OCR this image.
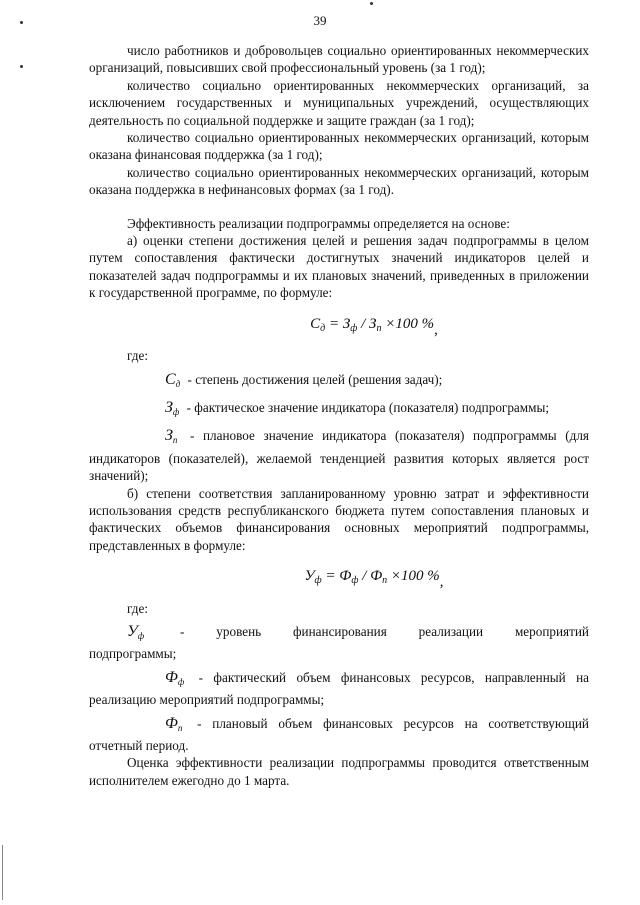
39

число работников и добровольцев социально ориентированных некоммерческих организаций, повысивших свой профессиональный уровень (за 1 год);

количество социально ориентированных некоммерческих организаций, за исключением государственных и муниципальных учреждений, осуществляющих деятельность по социальной поддержке и защите граждан (за 1 год);

количество социально ориентированных некоммерческих организаций, которым оказана финансовая поддержка (за 1 год);

количество социально ориентированных некоммерческих организаций, которым оказана поддержка в нефинансовых формах (за 1 год).

Эффективность реализации подпрограммы определяется на основе:

а) оценки степени достижения целей и решения задач подпрограммы в целом путем сопоставления фактически достигнутых значений индикаторов целей и показателей задач подпрограммы и их плановых значений, приведенных в приложении к государственной программе, по формуле:

$С_д = З_ф / З_п \times 100$ %,

где:

$С_д$ - степень достижения целей (решения задач);

$З_ф$ - фактическое значение индикатора (показателя) подпрограммы;

$З_п$ - плановое значение индикатора (показателя) подпрограммы (для индикаторов (показателей), желаемой тенденцией развития которых является рост значений);

б) степени соответствия запланированному уровню затрат и эффективности использования средств республиканского бюджета путем сопоставления плановых и фактических объемов финансирования основных мероприятий подпрограммы, представленных в формуле:

$У_ф = Ф_ф / Ф_п \times 100$ %,

где:

$У_ф$	- уровень финансирования реализации мероприятий

подпрограммы;

$Ф_ф$ - фактический объем финансовых ресурсов, направленный на реализацию мероприятий подпрограммы;

$Ф_п$ - плановый объем финансовых ресурсов на соответствующий отчетный период.

Оценка эффективности реализации подпрограммы проводится ответственным исполнителем ежегодно до 1 марта.
